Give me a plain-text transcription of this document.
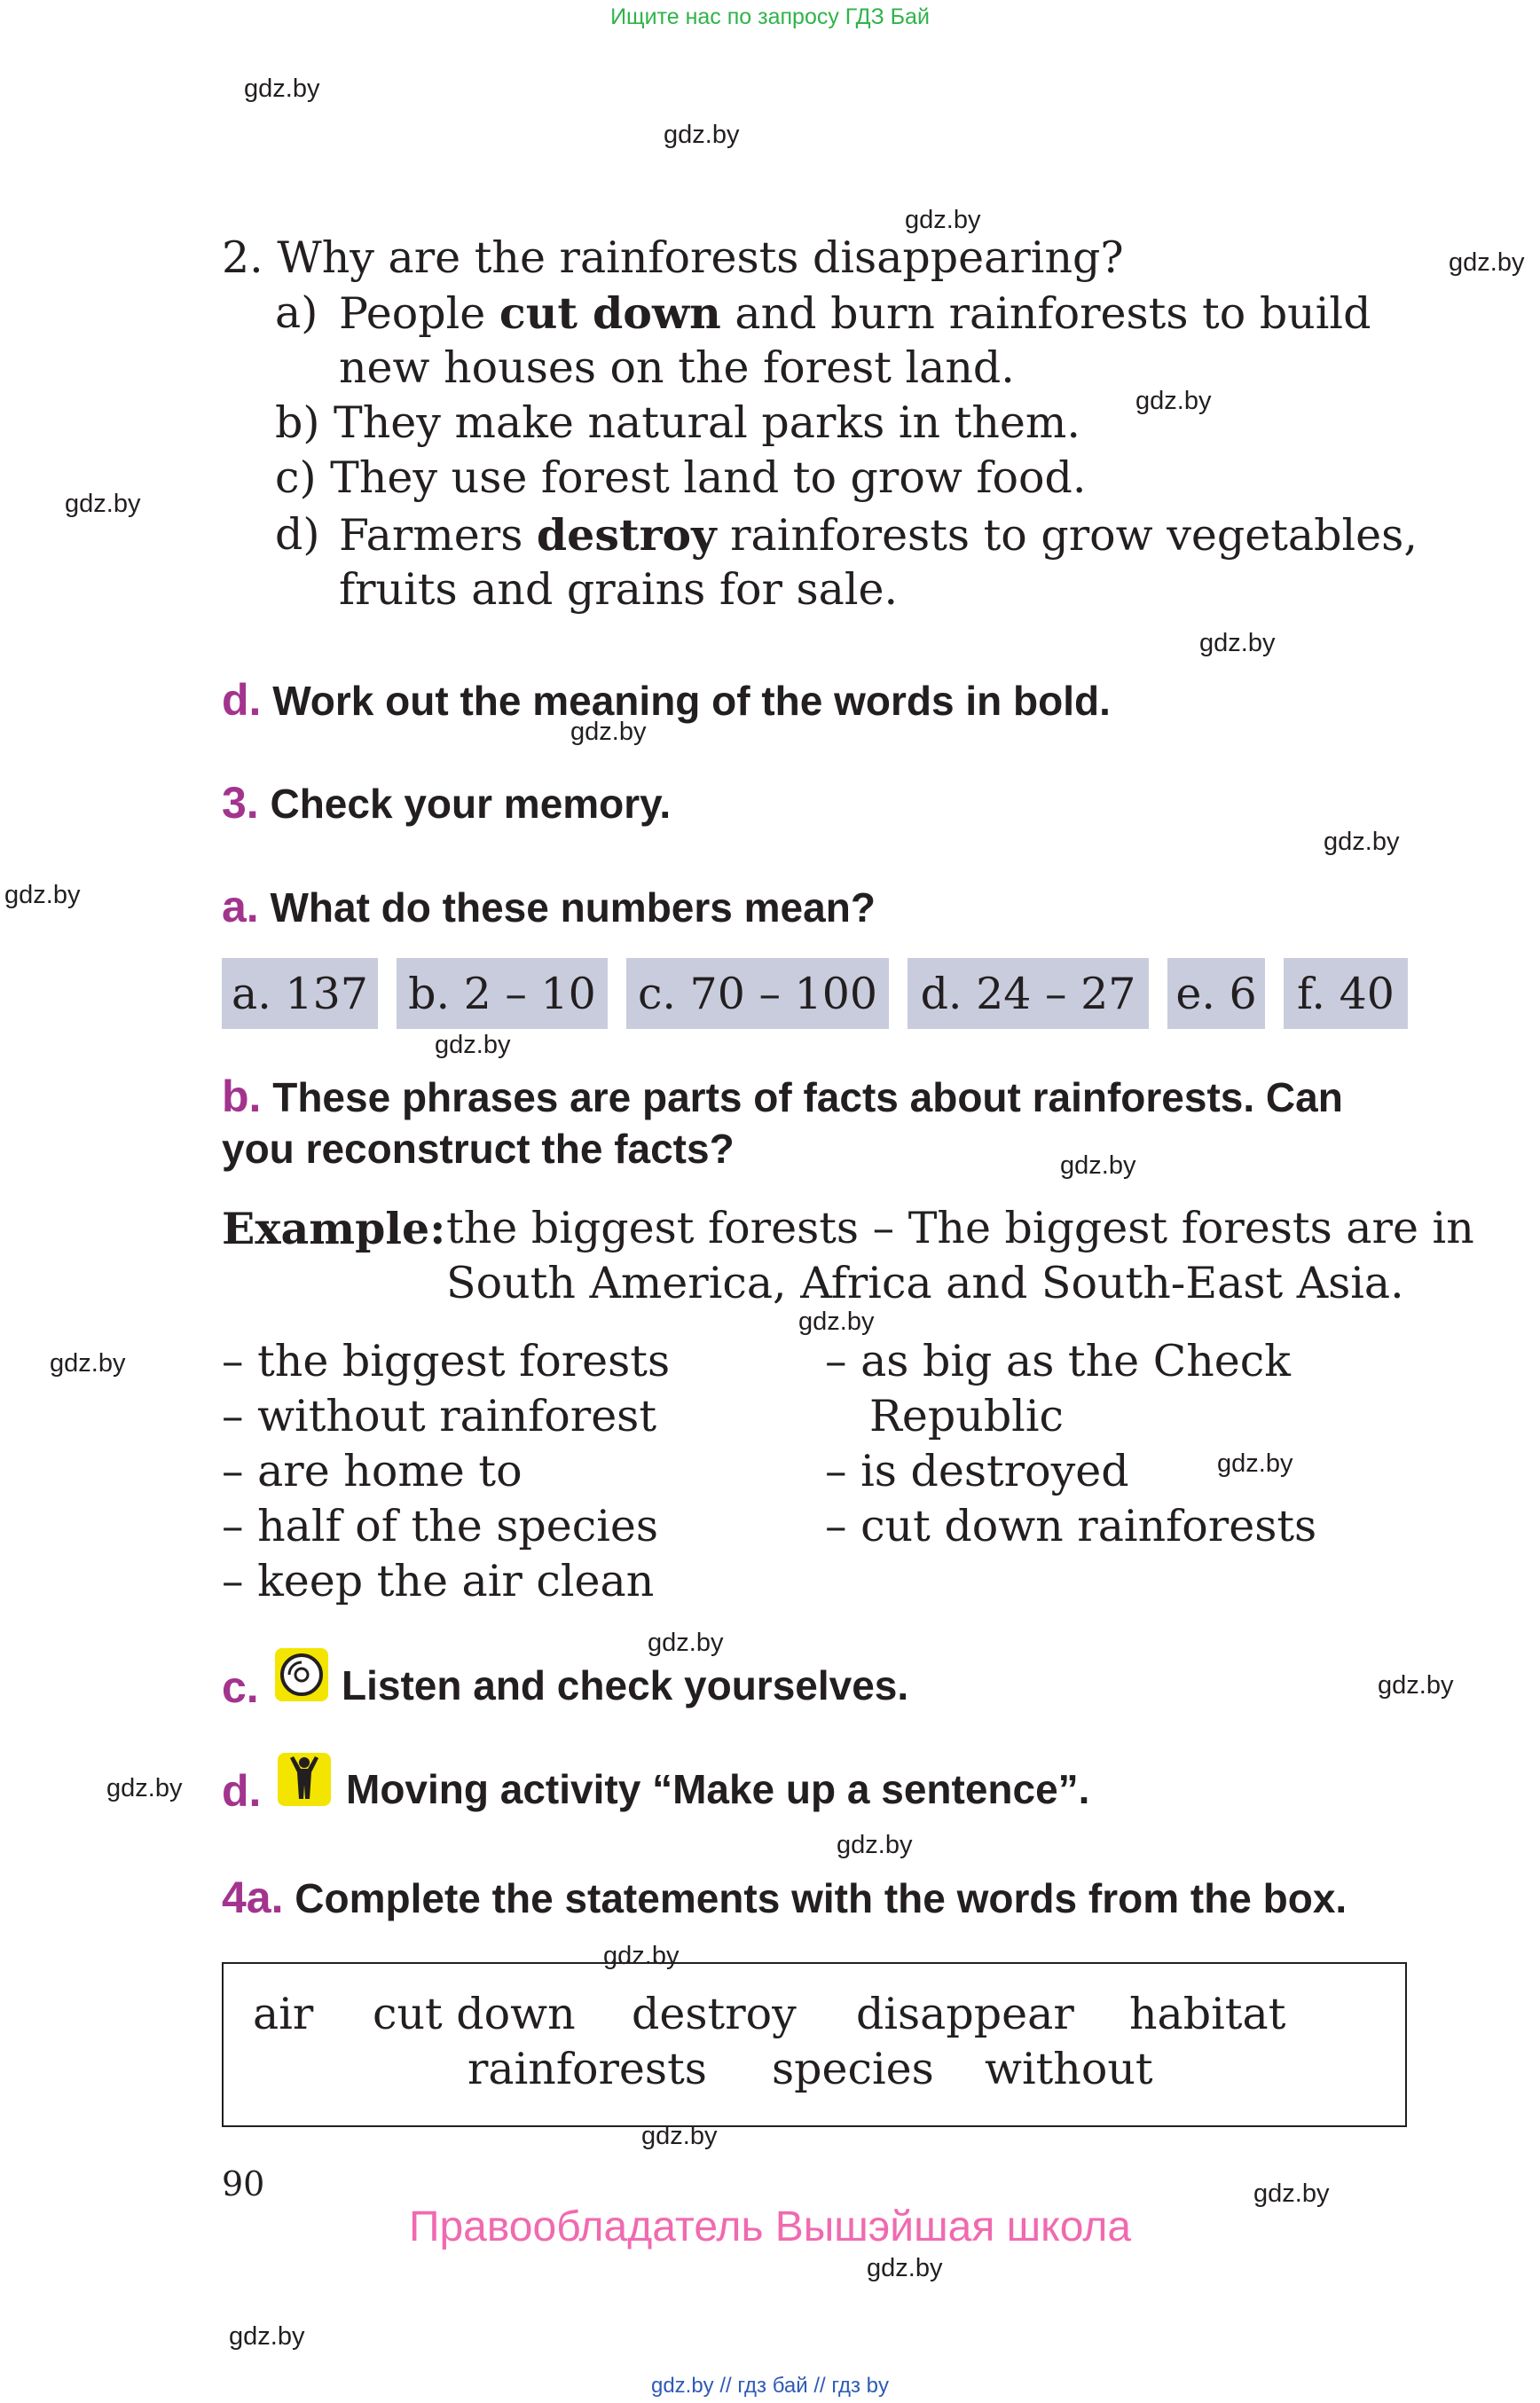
Ищите нас по запросу ГДЗ Бай
gdz.by
gdz.by
gdz.by
gdz.by
gdz.by
gdz.by
gdz.by
gdz.by
gdz.by
gdz.by
gdz.by
gdz.by
gdz.by
gdz.by
gdz.by
gdz.by
gdz.by
gdz.by
gdz.by
gdz.by
gdz.by
gdz.by
gdz.by
gdz.by
2. Why are the rainforests disappearing?
a) People cut down and burn rainforests to build
new houses on the forest land.
b) They make natural parks in them.
c) They use forest land to grow food.
d) Farmers destroy rainforests to grow vegetables,
fruits and grains for sale.
d. Work out the meaning of the words in bold.
3. Check your memory.
a. What do these numbers mean?
a. 137 b. 2 – 10 c. 70 – 100 d. 24 – 27 e. 6 f. 40
b. These phrases are parts of facts about rainforests. Can
you reconstruct the facts?
Example: the biggest forests – The biggest forests are in
South America, Africa and South-East Asia.
– the biggest forests
– without rainforest
– are home to
– half of the species
– keep the air clean
– as big as the Check
Republic
– is destroyed
– cut down rainforests
c. Listen and check yourselves.
d. Moving activity “Make up a sentence”.
4a. Complete the statements with the words from the box.
air cut down destroy disappear habitat
rainforests species without
90
Правообладатель Вышэйшая школа
gdz.by // гдз бай // гдз by
